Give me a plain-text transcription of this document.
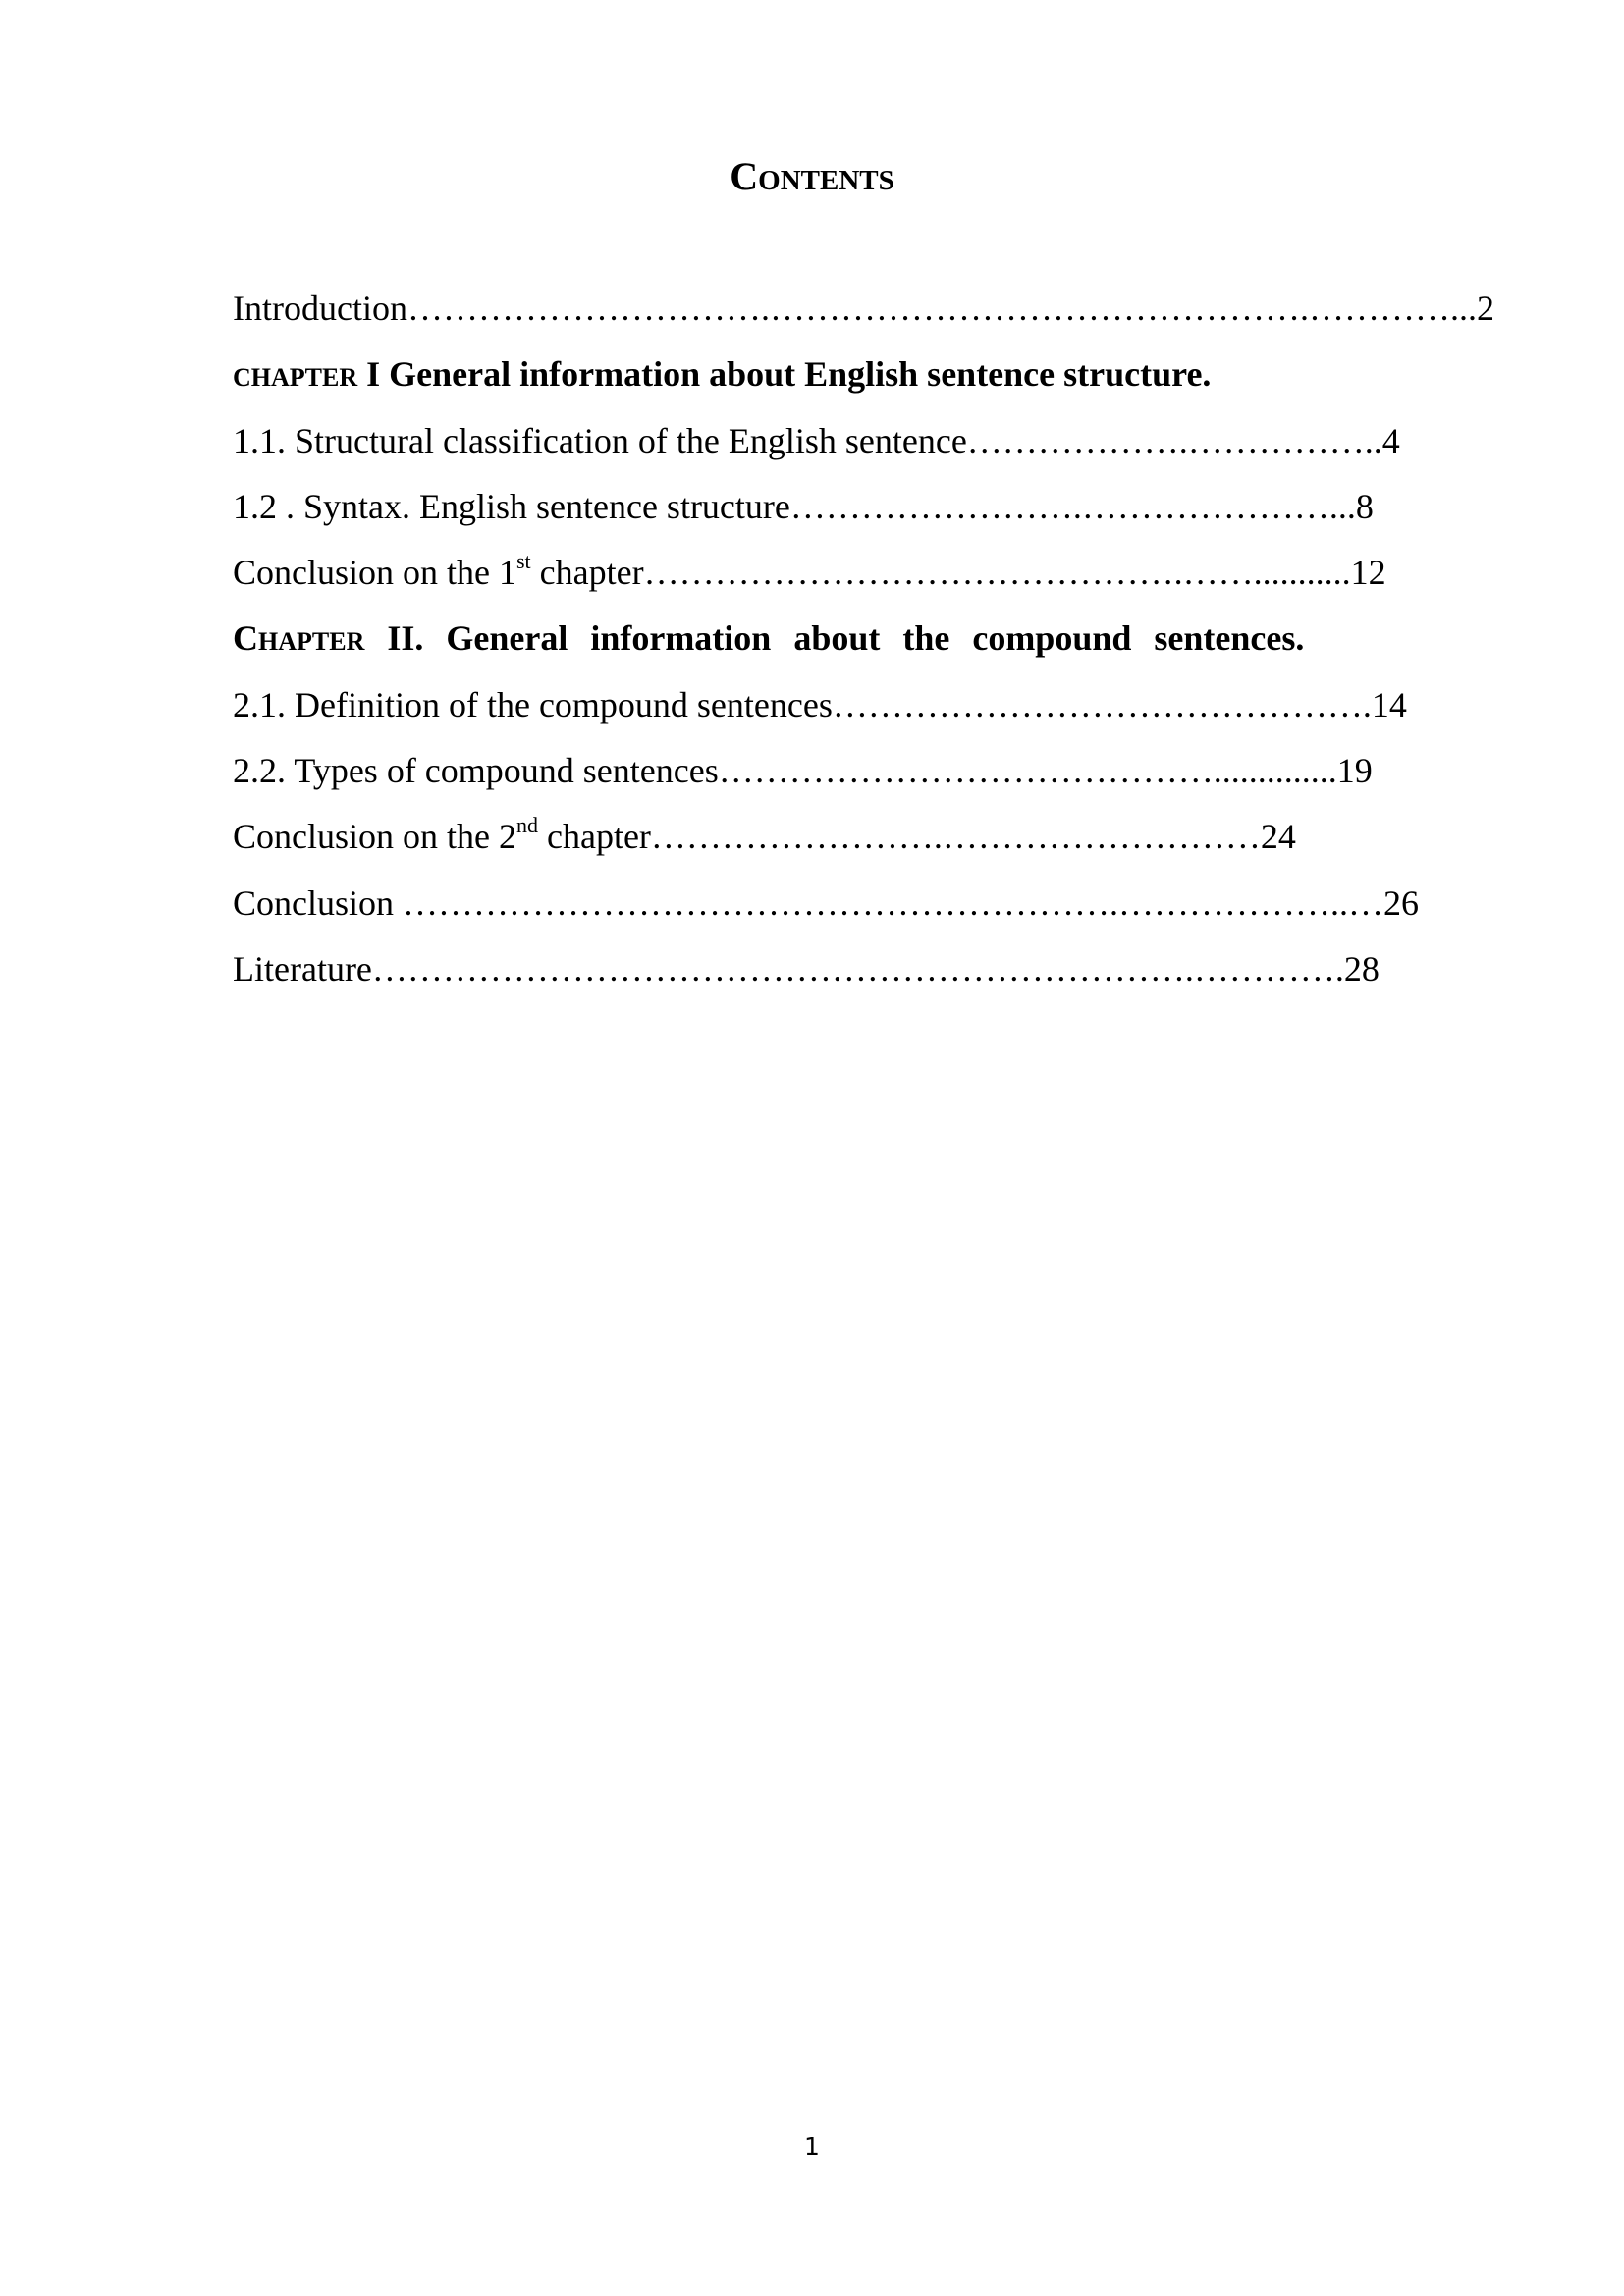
CONTENTS
Introduction………………………….……………………………………….…………...2
CHAPTER I General information about English sentence structure.
1.1. Structural classification of the English sentence……………….……………..4
1.2 . Syntax. English sentence structure…………………….…………………...8
Conclusion on the 1st chapter……………………………………….……...........12
CHAPTER II. General information about the compound sentences.
2.1. Definition of the compound sentences……………………………………….14
2.2. Types of compound sentences……………………………………..............19
Conclusion on the 2nd chapter…………………….………………………24
Conclusion …………………………………………………….………………..…26
Literature…………………………………………………………….………….28
1
